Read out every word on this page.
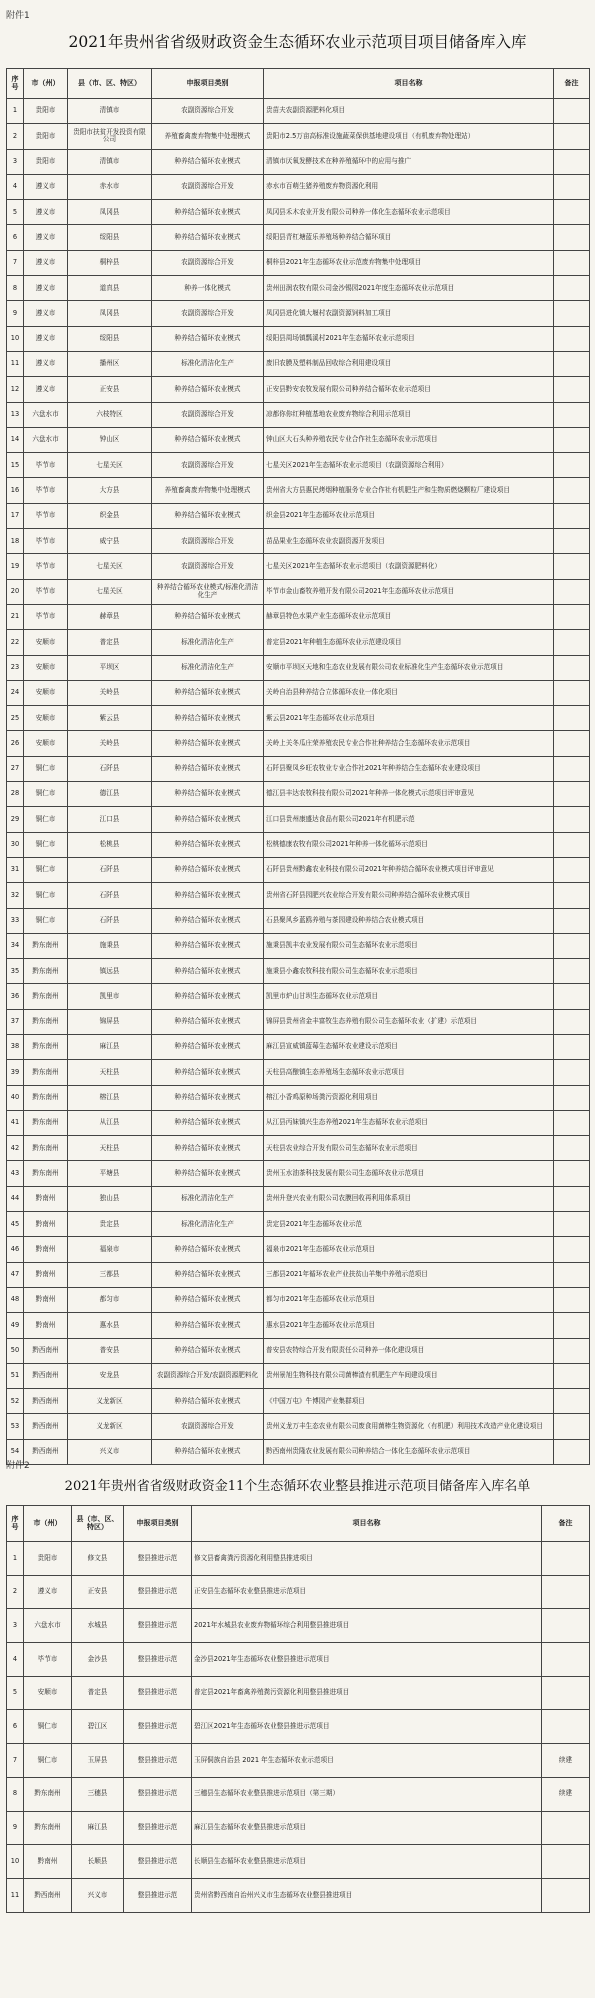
附件1
2021年贵州省省级财政资金生态循环农业示范项目项目储备库入库
序号	市（州）	县（市、区、特区）	申报项目类别	项目名称	备注
1	贵阳市	清镇市	农副资源综合开发	贵苗夫农副资源肥料化项目	
2	贵阳市	贵阳市扶贫开发投资有限公司	养殖畜禽废弃物集中处理模式	贵阳市2.5万亩高标准设施蔬菜保供基地建设项目（有机废弃物处理站）	
3	贵阳市	清镇市	种养结合循环农业模式	清镇市厌氧发酵技术在种养殖循环中的应用与推广	
4	遵义市	赤水市	农副资源综合开发	赤水市百萌生猪养殖废弃物资源化利用	
5	遵义市	凤冈县	种养结合循环农业模式	凤冈县禾木农业开发有限公司种养一体化生态循环农业示范项目	
6	遵义市	绥阳县	种养结合循环农业模式	绥阳县青杠塘蓝乐养殖场种养结合循环项目	
7	遵义市	桐梓县	农副资源综合开发	桐梓县2021年生态循环农业示范废弃物集中处理项目	
8	遵义市	道真县	种养一体化模式	贵州田润农牧有限公司金沙锡园2021年度生态循环农业示范项目	
9	遵义市	凤冈县	农副资源综合开发	凤冈县进化镇大堰村农副资源饲料加工项目	
10	遵义市	绥阳县	种养结合循环农业模式	绥阳县周场镇瓢溪村2021年生态循环农业示范项目	
11	遵义市	播州区	标准化清洁化生产	废旧农膜及塑料制品回收综合利用建设项目	
12	遵义市	正安县	种养结合循环农业模式	正安县黔安农牧发展有限公司种养结合循环农业示范项目	
13	六盘水市	六枝特区	农副资源综合开发	凉都你你红种植基地农业废弃物综合利用示范项目	
14	六盘水市	钟山区	种养结合循环农业模式	钟山区大石头种养殖农民专业合作社生态循环农业示范项目	
15	毕节市	七星关区	农副资源综合开发	七星关区2021年生态循环农业示范项目（农副资源综合利用）	
16	毕节市	大方县	养殖畜禽废弃物集中处理模式	贵州省大方县惠民烤烟种植服务专业合作社有机肥生产和生物质燃烧颗粒厂建设项目	
17	毕节市	织金县	种养结合循环农业模式	织金县2021年生态循环农业示范项目	
18	毕节市	威宁县	农副资源综合开发	苗品果业生态循环农业农副资源开发项目	
19	毕节市	七星关区	农副资源综合开发	七星关区2021年生态循环农业示范项目（农副资源肥料化）	
20	毕节市	七星关区	种养结合循环农业模式/标准化清洁化生产	毕节市金山畜牧养殖开发有限公司2021年生态循环农业示范项目	
21	毕节市	赫章县	种养结合循环农业模式	赫章县特色水果产业生态循环农业示范项目	
22	安顺市	普定县	标准化清洁化生产	普定县2021年种植生态循环农业示范建设项目	
23	安顺市	平坝区	标准化清洁化生产	安顺市平坝区天地和生态农业发展有限公司农业标准化生产生态循环农业示范项目	
24	安顺市	关岭县	种养结合循环农业模式	关岭自治县种养结合立体循环农业一体化项目	
25	安顺市	紫云县	种养结合循环农业模式	紫云县2021年生态循环农业示范项目	
26	安顺市	关岭县	种养结合循环农业模式	关岭上关冬瓜庄荣养殖农民专业合作社种养结合生态循环农业示范项目	
27	铜仁市	石阡县	种养结合循环农业模式	石阡县聚凤乡旺农牧业专业合作社2021年种养结合生态循环农业建设项目	
28	铜仁市	德江县	种养结合循环农业模式	德江县丰达农牧科技有限公司2021年种养一体化模式示范项目评审意见	
29	铜仁市	江口县	种养结合循环农业模式	江口县贵州康盛达食品有限公司2021年有机肥示范	
30	铜仁市	松桃县	种养结合循环农业模式	松桃德康农牧有限公司2021年种养一体化循环示范项目	
31	铜仁市	石阡县	种养结合循环农业模式	石阡县贵州黔鑫农业科技有限公司2021年种养结合循环农业模式项目评审意见	
32	铜仁市	石阡县	种养结合循环农业模式	贵州省石阡县园肥兴农业综合开发有限公司种养结合循环农业模式项目	
33	铜仁市	石阡县	种养结合循环农业模式	石县聚风乡蓝鸥养殖与茶园建设种养结合农业模式项目	
34	黔东南州	施秉县	种养结合循环农业模式	施秉县凯丰农业发展有限公司生态循环农业示范项目	
35	黔东南州	镇远县	种养结合循环农业模式	施秉县小鑫农牧科技有限公司生态循环农业示范项目	
36	黔东南州	凯里市	种养结合循环农业模式	凯里市炉山甘坝生态循环农业示范项目	
37	黔东南州	锦屏县	种养结合循环农业模式	锦屏县贵州省金丰富牧生态养殖有限公司生态循环农业（扩建）示范项目	
38	黔东南州	麻江县	种养结合循环农业模式	麻江县宣威镇蓝莓生态循环农业建设示范项目	
39	黔东南州	天柱县	种养结合循环农业模式	天柱县高酿镇生态养殖场生态循环农业示范项目	
40	黔东南州	榕江县	种养结合循环农业模式	榕江小香鸡原种场粪污资源化利用项目	
41	黔东南州	从江县	种养结合循环农业模式	从江县丙妹镇兴生态养殖2021年生态循环农业示范项目	
42	黔东南州	天柱县	种养结合循环农业模式	天柱县农业综合开发有限公司生态循环农业示范项目	
43	黔东南州	平塘县	种养结合循环农业模式	贵州玉水油茶科技发展有限公司生态循环农业示范项目	
44	黔南州	独山县	标准化清洁化生产	贵州升登兴农业有限公司农膜回收再利用体系项目	
45	黔南州	贵定县	标准化清洁化生产	贵定县2021年生态循环农业示范	
46	黔南州	福泉市	种养结合循环农业模式	福泉市2021年生态循环农业示范项目	
47	黔南州	三都县	种养结合循环农业模式	三都县2021年循环农业产业扶贫山羊集中养殖示范项目	
48	黔南州	都匀市	种养结合循环农业模式	都匀市2021年生态循环农业示范项目	
49	黔南州	惠水县	种养结合循环农业模式	惠水县2021年生态循环农业示范项目	
50	黔西南州	普安县	种养结合循环农业模式	普安县农特综合开发有限责任公司种养一体化建设项目	
51	黔西南州	安龙县	农副资源综合开发/农副资源肥料化	贵州景旭生物科技有限公司菌棒渣有机肥生产车间建设项目	
52	黔西南州	义龙新区	种养结合循环农业模式	《中国万屯》牛博园产业集群项目	
53	黔西南州	义龙新区	农副资源综合开发	贵州义龙万丰生态农业有限公司废食用菌棒生物资源化（有机肥）利用技术改造产业化建设项目	
54	黔西南州	兴义市	种养结合循环农业模式	黔西南州贵隆农业发展有限公司种养结合一体化生态循环农业示范项目	
附件2
2021年贵州省省级财政资金11个生态循环农业整县推进示范项目储备库入库名单
序号	市（州）	县（市、区、特区）	申报项目类别	项目名称	备注
1	贵阳市	修文县	整县推进示范	修文县畜禽粪污资源化利用整县推进项目	
2	遵义市	正安县	整县推进示范	正安县生态循环农业整县推进示范项目	
3	六盘水市	水城县	整县推进示范	2021年水城县农业废弃物循环综合利用整县推进项目	
4	毕节市	金沙县	整县推进示范	金沙县2021年生态循环农业整县推进示范项目	
5	安顺市	普定县	整县推进示范	普定县2021年畜禽养殖粪污资源化利用整县推进项目	
6	铜仁市	碧江区	整县推进示范	碧江区2021年生态循环农业整县推进示范项目	
7	铜仁市	玉屏县	整县推进示范	玉屏侗族自治县 2021 年生态循环农业示范项目	续建
8	黔东南州	三穗县	整县推进示范	三穗县生态循环农业整县推进示范项目（第三期）	续建
9	黔东南州	麻江县	整县推进示范	麻江县生态循环农业整县推进示范项目	
10	黔南州	长顺县	整县推进示范	长顺县生态循环农业整县推进示范项目	
11	黔西南州	兴义市	整县推进示范	贵州省黔西南自治州兴义市生态循环农业整县推进项目	
